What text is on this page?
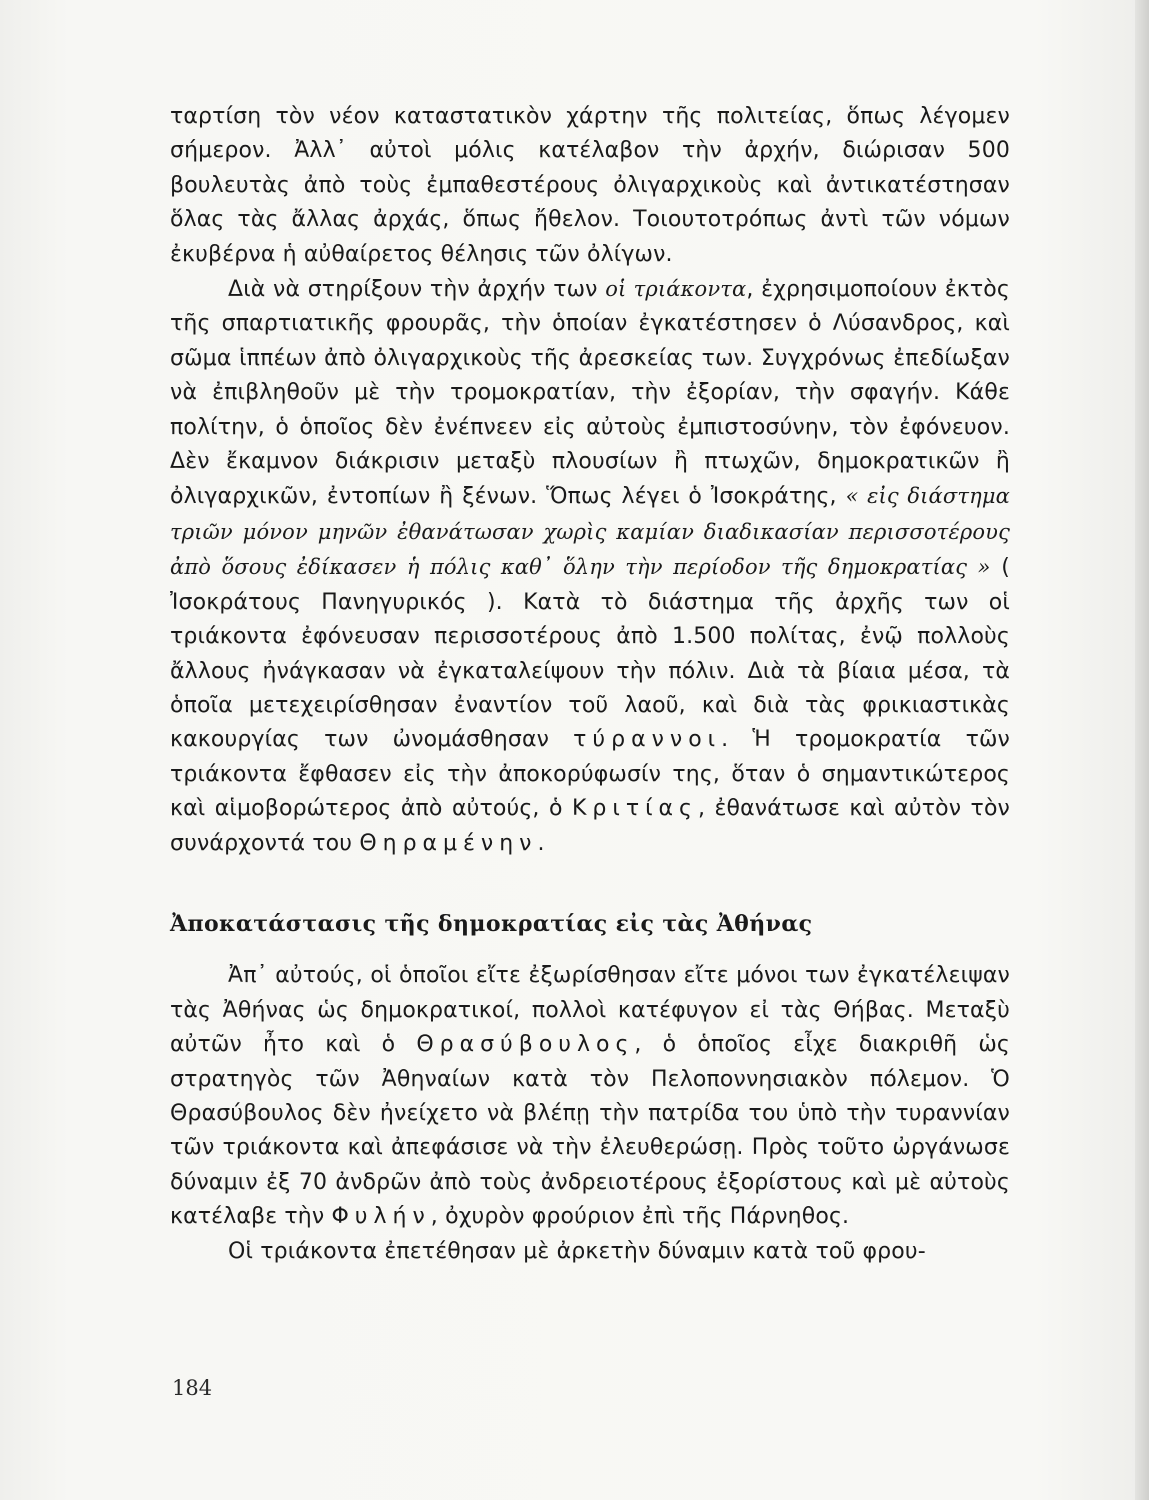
ταρτίση τὸν νέον καταστατικὸν χάρτην τῆς πολιτείας, ὅπως λέγομεν σήμερον. Ἀλλ᾽ αὐτοὶ μόλις κατέλαβον τὴν ἀρχήν, διώρισαν 500 βουλευτὰς ἀπὸ τοὺς ἐμπαθεστέρους ὀλιγαρχικοὺς καὶ ἀντικατέστησαν ὅλας τὰς ἄλλας ἀρχάς, ὅπως ἤθελον. Τοιουτοτρόπως ἀντὶ τῶν νόμων ἐκυβέρνα ἡ αὐθαίρετος θέλησις τῶν ὀλίγων.

Διὰ νὰ στηρίξουν τὴν ἀρχήν των οἱ τριάκοντα, ἐχρησιμοποίουν ἐκτὸς τῆς σπαρτιατικῆς φρουρᾶς, τὴν ὁποίαν ἐγκατέστησεν ὁ Λύσανδρος, καὶ σῶμα ἱππέων ἀπὸ ὀλιγαρχικοὺς τῆς ἀρεσκείας των. Συγχρόνως ἐπεδίωξαν νὰ ἐπιβληθοῦν μὲ τὴν τρομοκρατίαν, τὴν ἐξορίαν, τὴν σφαγήν. Κάθε πολίτην, ὁ ὁποῖος δὲν ἐνέπνεεν εἰς αὐτοὺς ἐμπιστοσύνην, τὸν ἐφόνευον. Δὲν ἔκαμνον διάκρισιν μεταξὺ πλουσίων ἢ πτωχῶν, δημοκρατικῶν ἢ ὀλιγαρχικῶν, ἐντοπίων ἢ ξένων. Ὅπως λέγει ὁ Ἰσοκράτης, « εἰς διάστημα τριῶν μόνον μηνῶν ἐθανάτωσαν χωρὶς καμίαν διαδικασίαν περισσοτέρους ἀπὸ ὅσους ἐδίκασεν ἡ πόλις καθ᾽ ὅλην τὴν περίοδον τῆς δημοκρατίας » ( Ἰσοκράτους Πανηγυρικός ). Κατὰ τὸ διάστημα τῆς ἀρχῆς των οἱ τριάκοντα ἐφόνευσαν περισσοτέρους ἀπὸ 1.500 πολίτας, ἐνῷ πολλοὺς ἄλλους ἠνάγκασαν νὰ ἐγκαταλείψουν τὴν πόλιν. Διὰ τὰ βίαια μέσα, τὰ ὁποῖα μετεχειρίσθησαν ἐναντίον τοῦ λαοῦ, καὶ διὰ τὰς φρικιαστικὰς κακουργίας των ὠνομάσθησαν τύραννοι. Ἡ τρομοκρατία τῶν τριάκοντα ἔφθασεν εἰς τὴν ἀποκορύφωσίν της, ὅταν ὁ σημαντικώτερος καὶ αἱμοβορώτερος ἀπὸ αὐτούς, ὁ Κριτίας, ἐθανάτωσε καὶ αὐτὸν τὸν συνάρχοντά του Θηραμένην.

Ἀποκατάστασις τῆς δημοκρατίας εἰς τὰς Ἀθήνας

Ἀπ᾽ αὐτούς, οἱ ὁποῖοι εἴτε ἐξωρίσθησαν εἴτε μόνοι των ἐγκατέλειψαν τὰς Ἀθήνας ὡς δημοκρατικοί, πολλοὶ κατέφυγον εἰ τὰς Θήβας. Μεταξὺ αὐτῶν ἦτο καὶ ὁ Θρασύβουλος, ὁ ὁποῖος εἶχε διακριθῆ ὡς στρατηγὸς τῶν Ἀθηναίων κατὰ τὸν Πελοποννησιακὸν πόλεμον. Ὁ Θρασύβουλος δὲν ἠνείχετο νὰ βλέπῃ τὴν πατρίδα του ὑπὸ τὴν τυραννίαν τῶν τριάκοντα καὶ ἀπεφάσισε νὰ τὴν ἐλευθερώσῃ. Πρὸς τοῦτο ὠργάνωσε δύναμιν ἐξ 70 ἀνδρῶν ἀπὸ τοὺς ἀνδρειοτέρους ἐξορίστους καὶ μὲ αὐτοὺς κατέλαβε τὴν Φυλήν, ὀχυρὸν φρούριον ἐπὶ τῆς Πάρνηθος.

Οἱ τριάκοντα ἐπετέθησαν μὲ ἀρκετὴν δύναμιν κατὰ τοῦ φρου-

184
